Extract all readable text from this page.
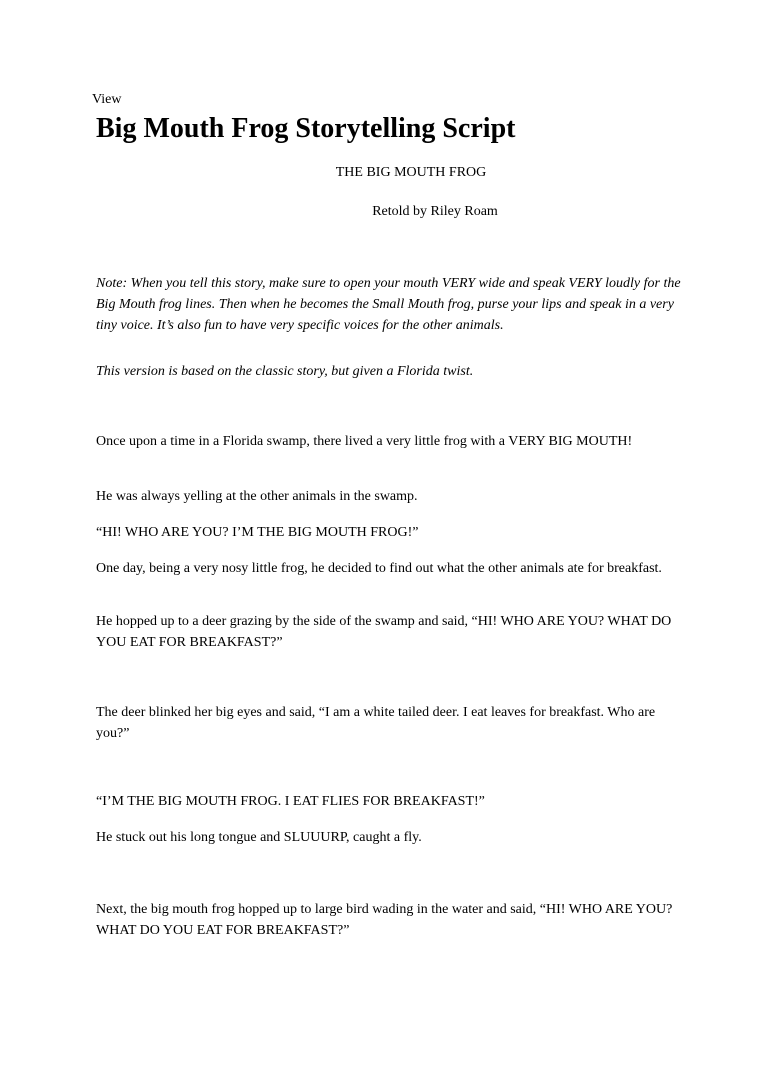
View
Big Mouth Frog Storytelling Script
THE BIG MOUTH FROG
Retold by Riley Roam

Note: When you tell this story, make sure to open your mouth VERY wide and speak VERY loudly for the Big Mouth frog lines. Then when he becomes the Small Mouth frog, purse your lips and speak in a very tiny voice. It’s also fun to have very specific voices for the other animals.

This version is based on the classic story, but given a Florida twist.

Once upon a time in a Florida swamp, there lived a very little frog with a VERY BIG MOUTH!

He was always yelling at the other animals in the swamp.

“HI! WHO ARE YOU? I’M THE BIG MOUTH FROG!”

One day, being a very nosy little frog, he decided to find out what the other animals ate for breakfast.

He hopped up to a deer grazing by the side of the swamp and said, “HI! WHO ARE YOU? WHAT DO YOU EAT FOR BREAKFAST?”

The deer blinked her big eyes and said, “I am a white tailed deer. I eat leaves for breakfast. Who are you?”

“I’M THE BIG MOUTH FROG. I EAT FLIES FOR BREAKFAST!”

He stuck out his long tongue and SLUUURP, caught a fly.

Next, the big mouth frog hopped up to large bird wading in the water and said, “HI! WHO ARE YOU? WHAT DO YOU EAT FOR BREAKFAST?”
